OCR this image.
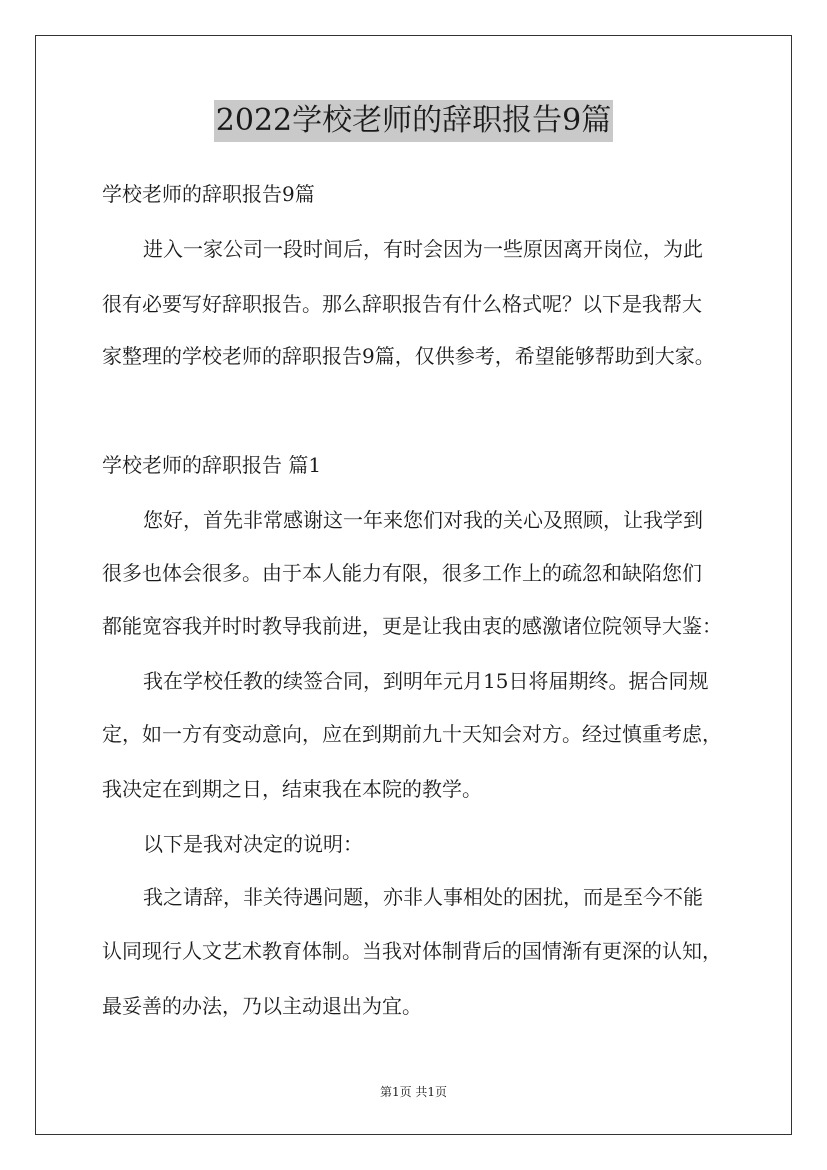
2022学校老师的辞职报告9篇
学校老师的辞职报告9篇
进入一家公司一段时间后，有时会因为一些原因离开岗位，为此
很有必要写好辞职报告。那么辞职报告有什么格式呢？以下是我帮大
家整理的学校老师的辞职报告9篇，仅供参考，希望能够帮助到大家。
学校老师的辞职报告 篇1
您好，首先非常感谢这一年来您们对我的关心及照顾，让我学到
很多也体会很多。由于本人能力有限，很多工作上的疏忽和缺陷您们
都能宽容我并时时教导我前进，更是让我由衷的感激诸位院领导大鉴：
我在学校任教的续签合同，到明年元月15日将届期终。据合同规
定，如一方有变动意向，应在到期前九十天知会对方。经过慎重考虑，
我决定在到期之日，结束我在本院的教学。
以下是我对决定的说明：
我之请辞，非关待遇问题，亦非人事相处的困扰，而是至今不能
认同现行人文艺术教育体制。当我对体制背后的国情渐有更深的认知，
最妥善的办法，乃以主动退出为宜。
第1页 共1页
